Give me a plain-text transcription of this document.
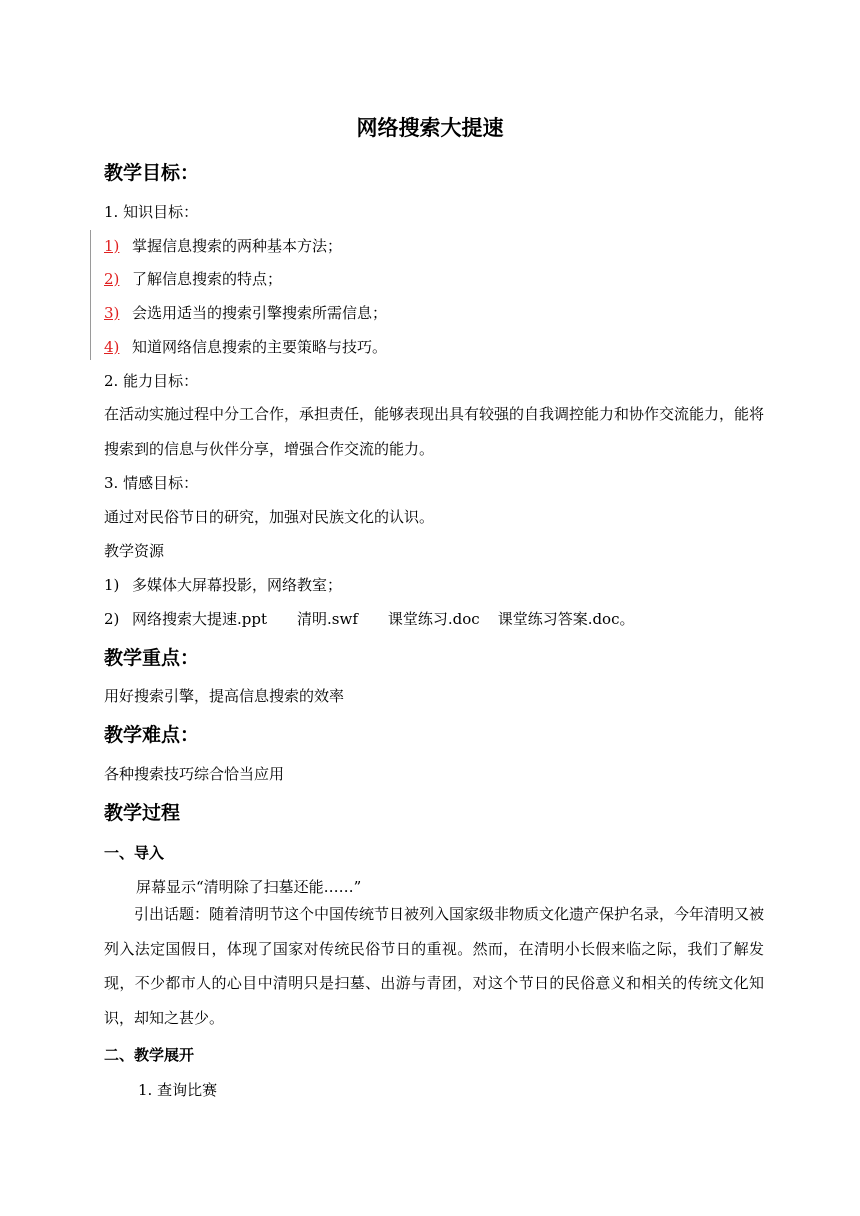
网络搜索大提速
教学目标：
1. 知识目标：
1) 掌握信息搜索的两种基本方法；
2) 了解信息搜索的特点；
3) 会选用适当的搜索引擎搜索所需信息；
4) 知道网络信息搜索的主要策略与技巧。
2. 能力目标：
在活动实施过程中分工合作，承担责任，能够表现出具有较强的自我调控能力和协作交流能力，能将搜索到的信息与伙伴分享，增强合作交流的能力。
3. 情感目标：
通过对民俗节日的研究，加强对民族文化的认识。
教学资源
1) 多媒体大屏幕投影，网络教室；
2) 网络搜索大提速.ppt 清明.swf 课堂练习.doc 课堂练习答案.doc。
教学重点：
用好搜索引擎，提高信息搜索的效率
教学难点：
各种搜索技巧综合恰当应用
教学过程
一、导入
屏幕显示“清明除了扫墓还能……”
引出话题：随着清明节这个中国传统节日被列入国家级非物质文化遗产保护名录，今年清明又被列入法定国假日，体现了国家对传统民俗节日的重视。然而，在清明小长假来临之际，我们了解发现，不少都市人的心目中清明只是扫墓、出游与青团，对这个节日的民俗意义和相关的传统文化知识，却知之甚少。
二、教学展开
1. 查询比赛
